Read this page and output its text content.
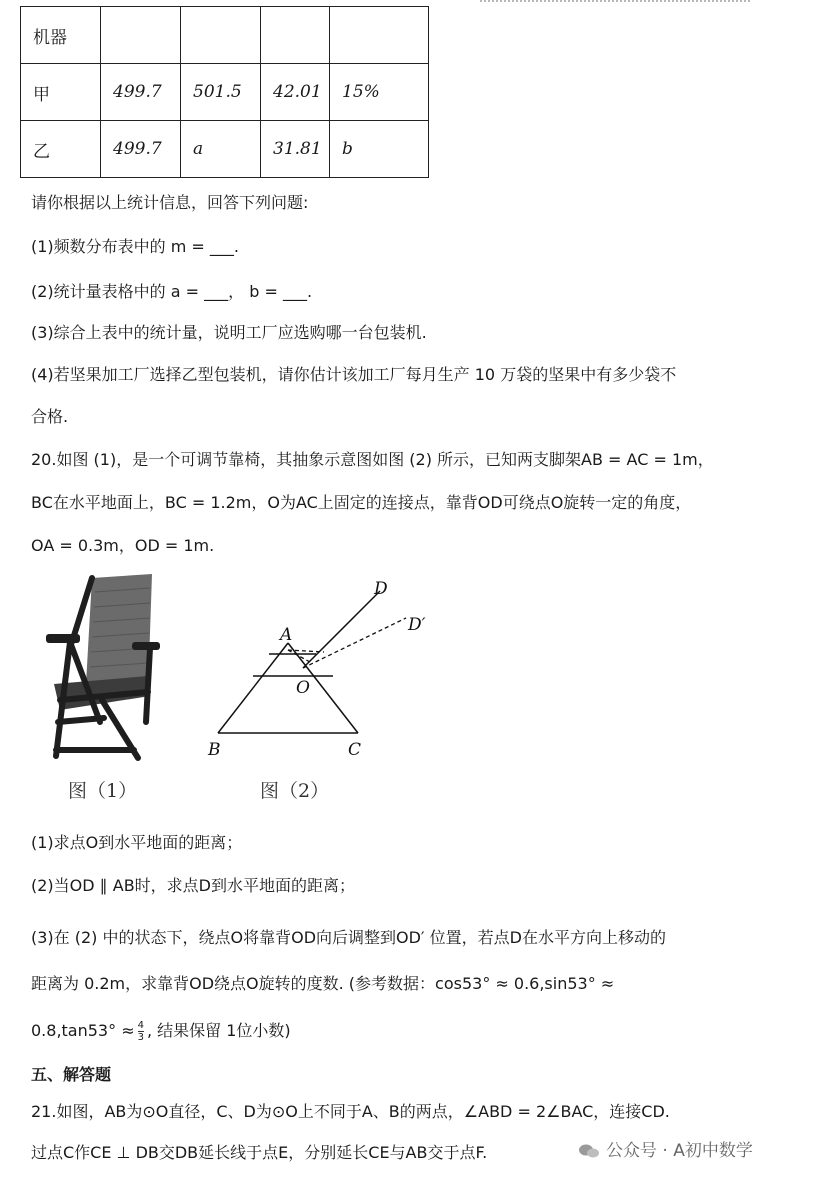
机器				
甲	499.7	501.5	42.01	15%
乙	499.7	a	31.81	b
请你根据以上统计信息，回答下列问题:
(1)频数分布表中的 m = ___.
(2)统计量表格中的 a = ___， b = ___.
(3)综合上表中的统计量，说明工厂应选购哪一台包装机.
(4)若坚果加工厂选择乙型包装机，请你估计该加工厂每月生产 10 万袋的坚果中有多少袋不
合格.
20.如图 (1)，是一个可调节靠椅，其抽象示意图如图 (2) 所示，已知两支脚架AB = AC = 1m，
BC在水平地面上，BC = 1.2m，O为AC上固定的连接点，靠背OD可绕点O旋转一定的角度，
OA = 0.3m，OD = 1m.
A
O
B	C
D
D′
图（1）	图（2）
(1)求点O到水平地面的距离；
(2)当OD ∥ AB时，求点D到水平地面的距离；
(3)在 (2) 中的状态下，绕点O将靠背OD向后调整到OD′ 位置，若点D在水平方向上移动的
距离为 0.2m，求靠背OD绕点O旋转的度数. (参考数据：cos53° ≈ 0.6,sin53° ≈
$0.8,\tan 53^\circ \approx \frac{4}{3}$ , 结果保留 1位小数)
五、解答题
21.如图，AB为⊙O直径，C、D为⊙O上不同于A、B的两点，∠ABD = 2∠BAC，连接CD.
过点C作CE ⊥ DB交DB延长线于点E，分别延长CE与AB交于点F.	公众号 · A初中数学
